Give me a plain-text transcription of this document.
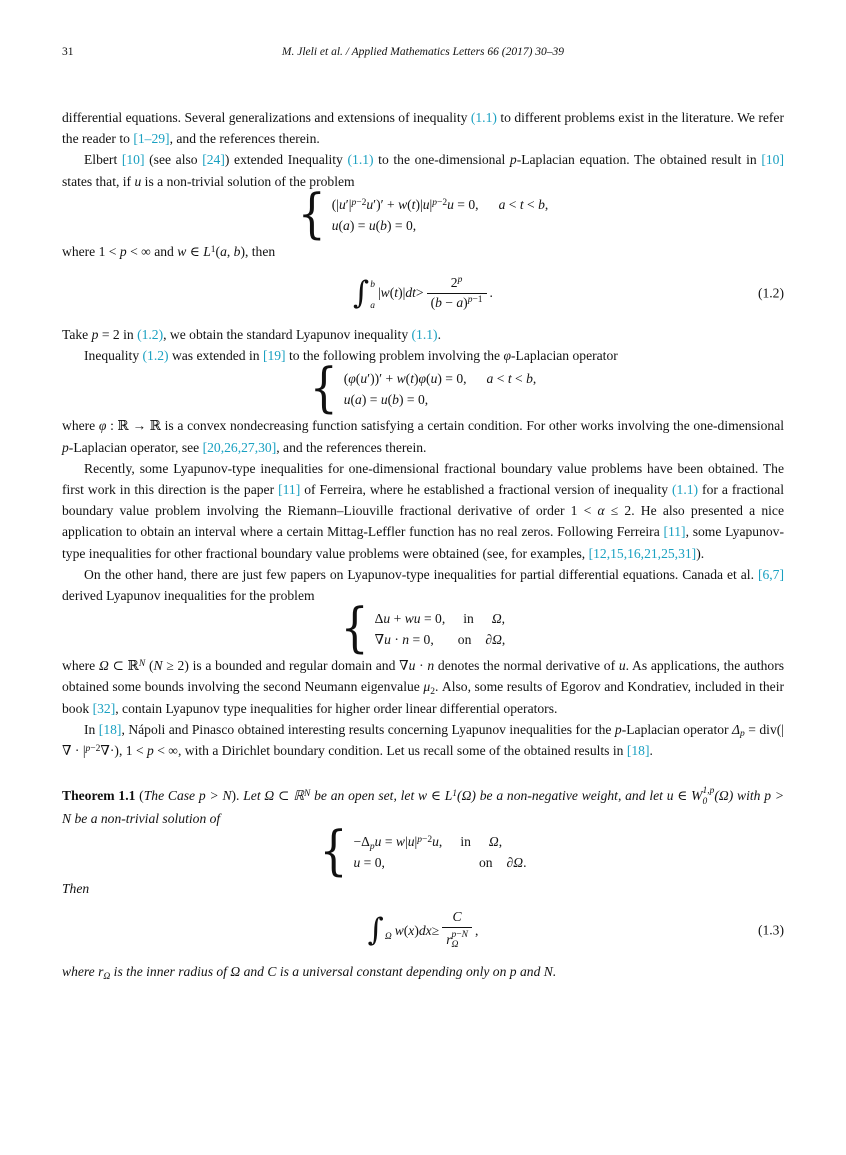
31	M. Jleli et al. / Applied Mathematics Letters 66 (2017) 30–39

differential equations. Several generalizations and extensions of inequality (1.1) to different problems exist in the literature. We refer the reader to [1–29], and the references therein.

Elbert [10] (see also [24]) extended Inequality (1.1) to the one-dimensional p-Laplacian equation. The obtained result in [10] states that, if u is a non-trivial solution of the problem

{ $(|u'|^{p-2}u')' + w(t)|u|^{p-2}u = 0$, a < t < b,
u(a) = u(b) = 0,

where 1 < p < ∞ and w ∈ $L^1(a$, b), then

∫ b
a
| w ( t )| dt > $\frac{2^p}{(b - a)^{p-1}}$ .	(1.2)

Take p = 2 in (1.2), we obtain the standard Lyapunov inequality (1.1).

Inequality (1.2) was extended in [19] to the following problem involving the φ-Laplacian operator

{ (φ(u′))′ + w(t)φ(u) = 0, a < t < b,
u(a) = u(b) = 0,

where φ : ℝ → ℝ is a convex nondecreasing function satisfying a certain condition. For other works involving the one-dimensional p-Laplacian operator, see [20,26,27,30], and the references therein.

Recently, some Lyapunov-type inequalities for one-dimensional fractional boundary value problems have been obtained. The first work in this direction is the paper [11] of Ferreira, where he established a fractional version of inequality (1.1) for a fractional boundary value problem involving the Riemann–Liouville fractional derivative of order 1 < α ≤ 2. He also presented a nice application to obtain an interval where a certain Mittag-Leffler function has no real zeros. Following Ferreira [11], some Lyapunov-type inequalities for other fractional boundary value problems were obtained (see, for examples, [12,15,16,21,25,31]).

On the other hand, there are just few papers on Lyapunov-type inequalities for partial differential equations. Canada et al. [6,7] derived Lyapunov inequalities for the problem

{ Δu + wu = 0, in Ω,
∇u · n = 0, on ∂Ω,

where Ω ⊂ ℝ$^N$ (N ≥ 2) is a bounded and regular domain and ∇u · n denotes the normal derivative of u. As applications, the authors obtained some bounds involving the second Neumann eigenvalue $\mu_2$. Also, some results of Egorov and Kondratiev, included in their book [32], contain Lyapunov type inequalities for higher order linear differential operators.

In [18], Nápoli and Pinasco obtained interesting results concerning Lyapunov inequalities for the p-Laplacian operator $\Delta_p = div(|\nabla \cdot |^{p-2}\nabla\cdot)$, 1 < p < ∞, with a Dirichlet boundary condition. Let us recall some of the obtained results in [18].

Theorem 1.1 (The Case p > N). Let Ω ⊂ ℝ$^N$ be an open set, let w ∈ $L^1(\Omega)$ be a non-negative weight, and let u ∈ W 1,p
0 (Ω) with p > N be a non-trivial solution of

{ $-\Delta_pu = w|u|^{p-2}u$, in Ω,
u = 0,	on ∂Ω.

Then

∫ Ω w ( x ) dx ≥ C
r p−N
Ω ,	(1.3)

where $r_\Omega$ is the inner radius of Ω and C is a universal constant depending only on p and N.
